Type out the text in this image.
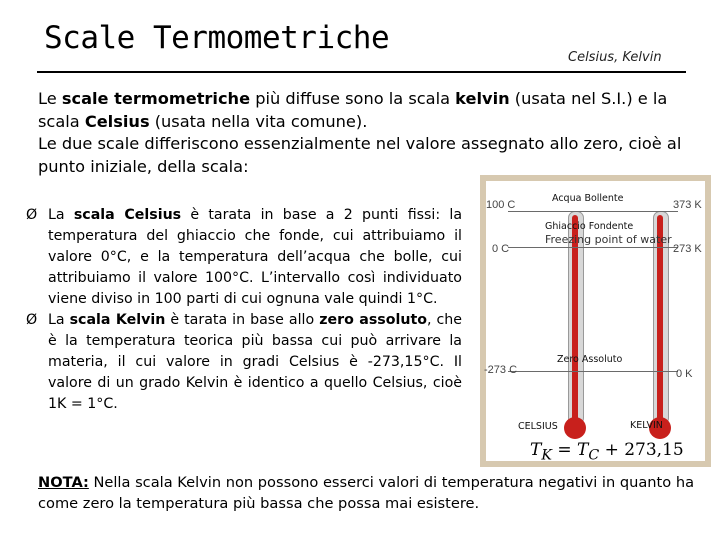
Scale Termometriche
Celsius, Kelvin

Le scale termometriche più diffuse sono la scala kelvin (usata nel S.I.) e la scala Celsius (usata nella vita comune).

Le due scale differiscono essenzialmente nel valore assegnato allo zero, cioè al punto iniziale, della scala:

Ø La scala Celsius è tarata in base a 2 punti fissi: la temperatura del ghiaccio che fonde, cui attribuiamo il valore 0°C, e la temperatura dell’acqua che bolle, cui attribuiamo il valore 100°C. L’intervallo così individuato viene diviso in 100 parti di cui ognuna vale quindi 1°C.
Ø La scala Kelvin è tarata in base allo zero assoluto, che è la temperatura teorica più bassa cui può arrivare la materia, il cui valore in gradi Celsius è -273,15°C. Il valore di un grado Kelvin è identico a quello Celsius, cioè 1K = 1°C.
Acqua Bollente
Ghiaccio Fondente
Freezing point of water
Zero Assoluto
100 C
0 C
-273 C
373 K
273 K
0 K
CELSIUS	KELVIN
$T_K = T_C + 273,15$
NOTA: Nella scala Kelvin non possono esserci valori di temperatura negativi in quanto ha come zero la temperatura più bassa che possa mai esistere.
